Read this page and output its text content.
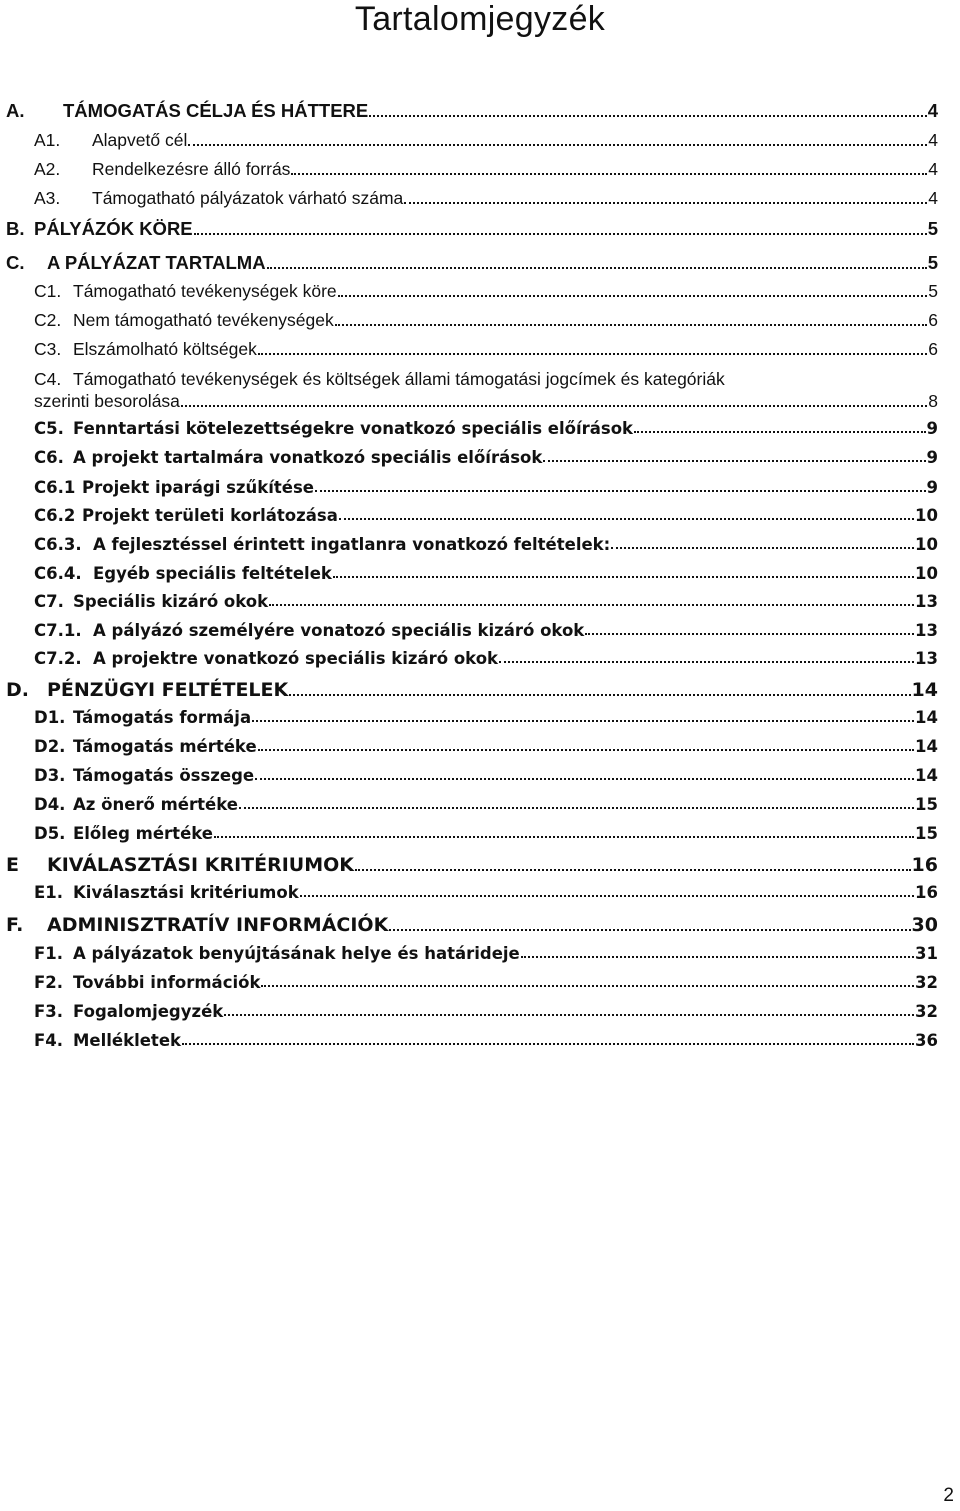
Tartalomjegyzék
A. TÁMOGATÁS CÉLJA ÉS HÁTTERE	4
A1. Alapvető cél	4
A2. Rendelkezésre álló forrás	4
A3. Támogatható pályázatok várható száma	4
B. PÁLYÁZÓK KÖRE	5
C. A PÁLYÁZAT TARTALMA	5
C1. Támogatható tevékenységek köre	5
C2. Nem támogatható tevékenységek	6
C3. Elszámolható költségek	6
C4. Támogatható tevékenységek és költségek állami támogatási jogcímek és kategóriák
szerinti besorolása	8
C5. Fenntartási kötelezettségekre vonatkozó speciális előírások	9
C6. A projekt tartalmára vonatkozó speciális előírások	9
C6.1 Projekt iparági szűkítése	9
C6.2 Projekt területi korlátozása	10
C6.3. A fejlesztéssel érintett ingatlanra vonatkozó feltételek:	10
C6.4. Egyéb speciális feltételek	10
C7. Speciális kizáró okok	13
C7.1. A pályázó személyére vonatozó speciális kizáró okok	13
C7.2. A projektre vonatkozó speciális kizáró okok	13
D. PÉNZÜGYI FELTÉTELEK	14
D1. Támogatás formája	14
D2. Támogatás mértéke	14
D3. Támogatás összege	14
D4. Az önerő mértéke	15
D5. Előleg mértéke	15
E KIVÁLASZTÁSI KRITÉRIUMOK	16
E1. Kiválasztási kritériumok	16
F. ADMINISZTRATÍV INFORMÁCIÓK	30
F1. A pályázatok benyújtásának helye és határideje	31
F2. További információk	32
F3. Fogalomjegyzék	32
F4. Mellékletek	36
2
